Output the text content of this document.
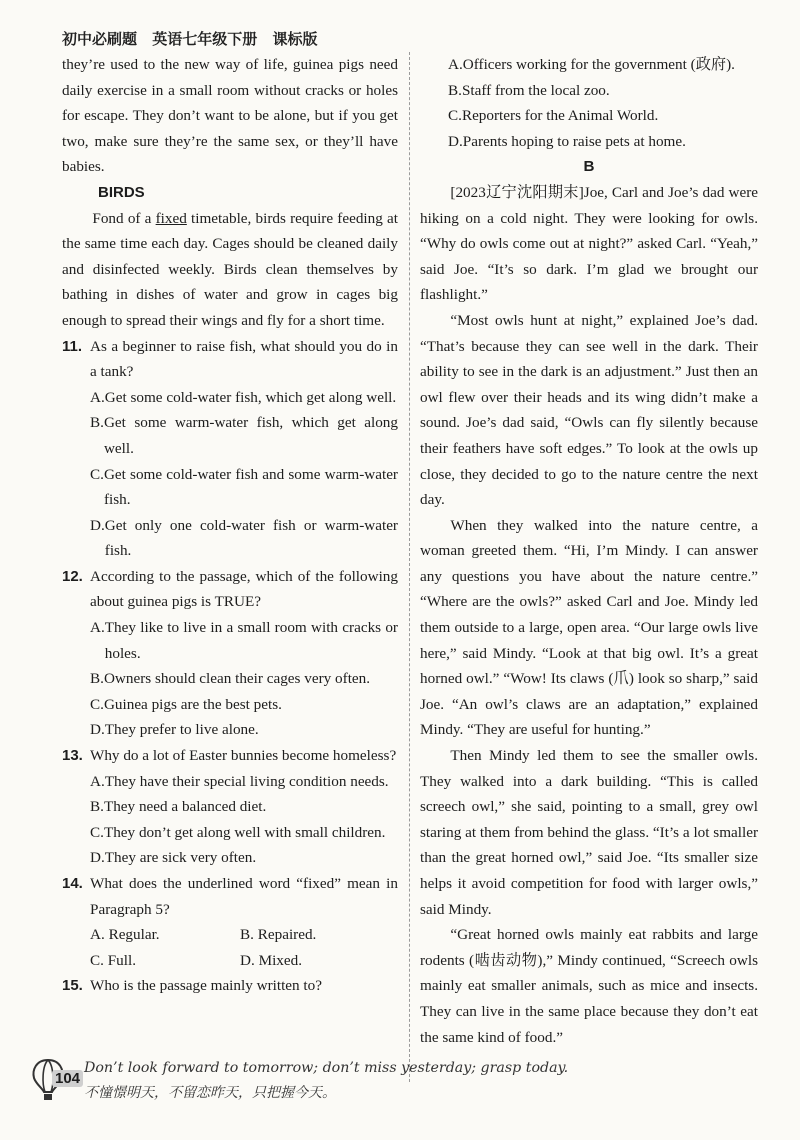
初中必刷题 英语七年级下册 课标版

they’re used to the new way of life, guinea pigs need daily exercise in a small room without cracks or holes for escape. They don’t want to be alone, but if you get two, make sure they’re the same sex, or they’ll have babies.

BIRDS

Fond of a fixed timetable, birds require feeding at the same time each day. Cages should be cleaned daily and disinfected weekly. Birds clean themselves by bathing in dishes of water and grow in cages big enough to spread their wings and fly for a short time.

11. As a beginner to raise fish, what should you do in a tank?
A. Get some cold-water fish, which get along well.
B. Get some warm-water fish, which get along well.
C. Get some cold-water fish and some warm-water fish.
D. Get only one cold-water fish or warm-water fish.
12. According to the passage, which of the following about guinea pigs is TRUE?
A. They like to live in a small room with cracks or holes.
B. Owners should clean their cages very often.
C. Guinea pigs are the best pets.
D. They prefer to live alone.
13. Why do a lot of Easter bunnies become homeless?
A. They have their special living condition needs.
B. They need a balanced diet.
C. They don’t get along well with small children.
D. They are sick very often.
14. What does the underlined word “fixed” mean in Paragraph 5?
A. Regular.	B. Repaired.
C. Full.	D. Mixed.
15. Who is the passage mainly written to?
A. Officers working for the government (政府).
B. Staff from the local zoo.
C. Reporters for the Animal World.
D. Parents hoping to raise pets at home.

B

[2023辽宁沈阳期末]Joe, Carl and Joe’s dad were hiking on a cold night. They were looking for owls. “Why do owls come out at night?” asked Carl. “Yeah,” said Joe. “It’s so dark. I’m glad we brought our flashlight.”

“Most owls hunt at night,” explained Joe’s dad. “That’s because they can see well in the dark. Their ability to see in the dark is an adjustment.” Just then an owl flew over their heads and its wing didn’t make a sound. Joe’s dad said, “Owls can fly silently because their feathers have soft edges.” To look at the owls up close, they decided to go to the nature centre the next day.

When they walked into the nature centre, a woman greeted them. “Hi, I’m Mindy. I can answer any questions you have about the nature centre.” “Where are the owls?” asked Carl and Joe. Mindy led them outside to a large, open area. “Our large owls live here,” said Mindy. “Look at that big owl. It’s a great horned owl.” “Wow! Its claws (爪) look so sharp,” said Joe. “An owl’s claws are an adaptation,” explained Mindy. “They are useful for hunting.”

Then Mindy led them to see the smaller owls. They walked into a dark building. “This is called screech owl,” she said, pointing to a small, grey owl staring at them from behind the glass. “It’s a lot smaller than the great horned owl,” said Joe. “Its smaller size helps it avoid competition for food with larger owls,” said Mindy.

“Great horned owls mainly eat rabbits and large rodents (啮齿动物),” Mindy continued, “Screech owls mainly eat smaller animals, such as mice and insects. They can live in the same place because they don’t eat the same kind of food.”

104
Don’t look forward to tomorrow; don’t miss yesterday; grasp today.
不憧憬明天，不留恋昨天，只把握今天。
